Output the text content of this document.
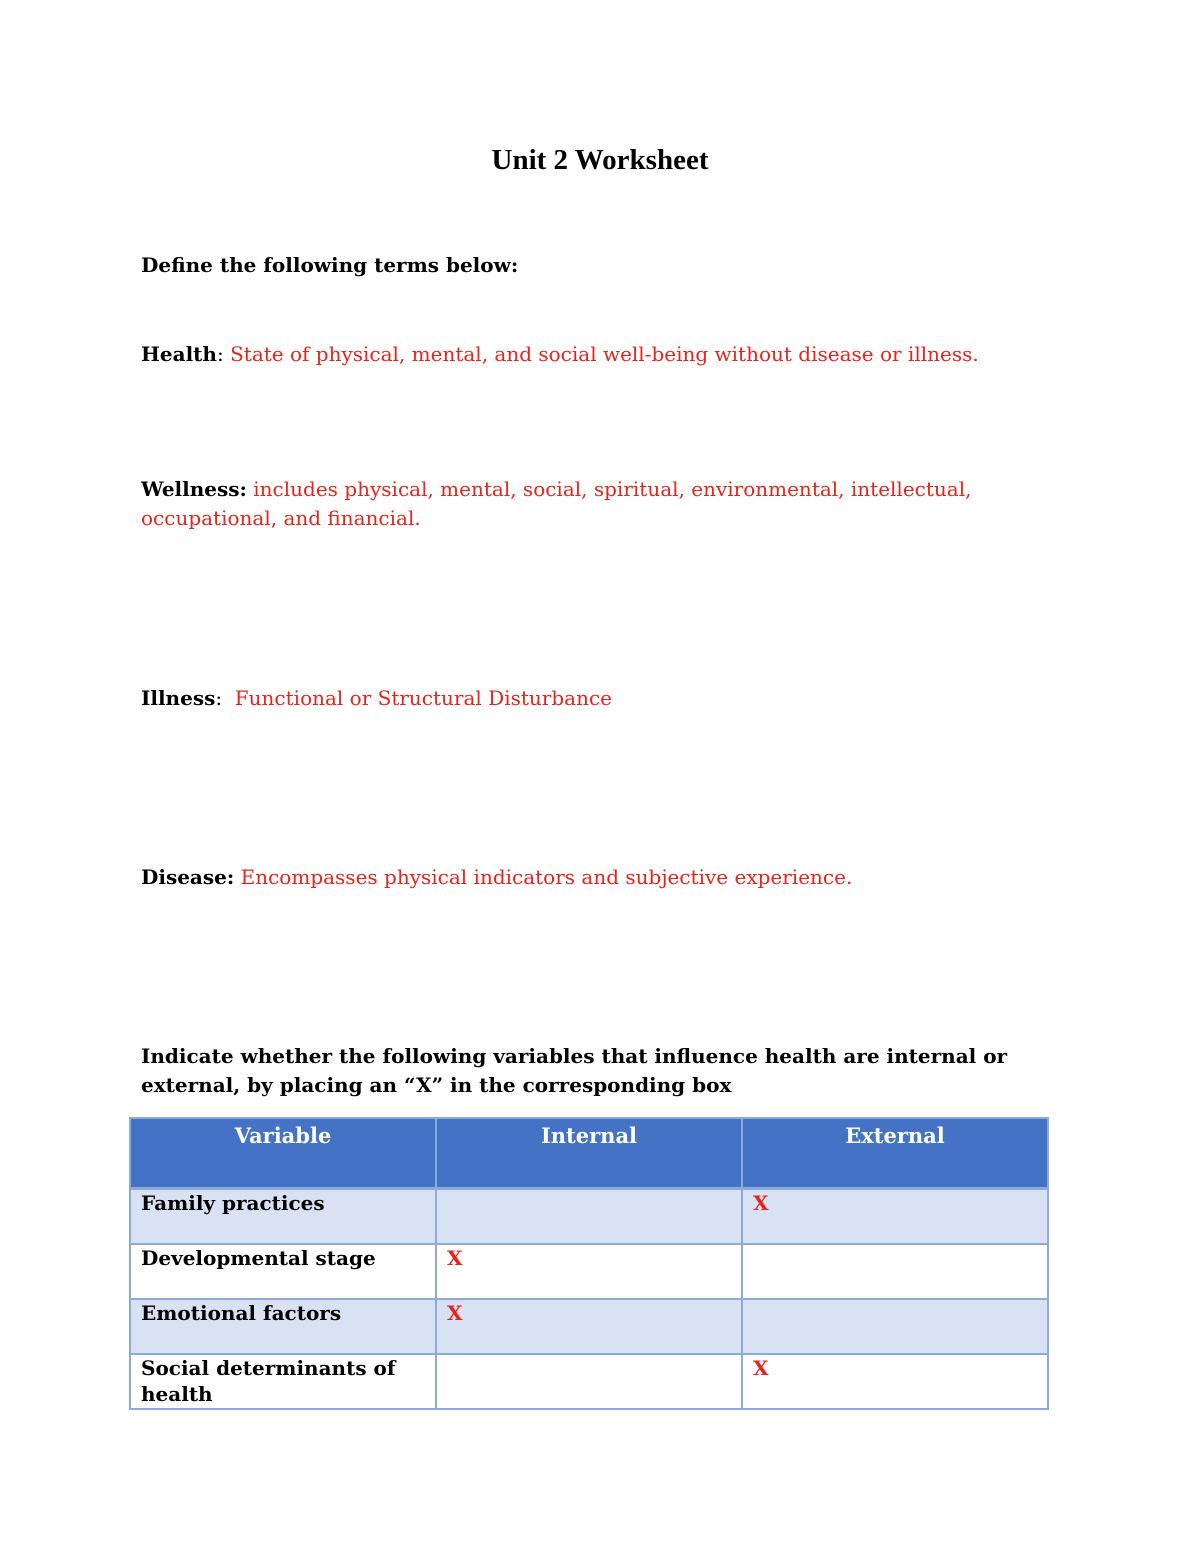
Unit 2 Worksheet
Define the following terms below:
Health: State of physical, mental, and social well-being without disease or illness.
Wellness: includes physical, mental, social, spiritual, environmental, intellectual, occupational, and financial.
Illness:  Functional or Structural Disturbance
Disease: Encompasses physical indicators and subjective experience.
Indicate whether the following variables that influence health are internal or external, by placing an “X” in the corresponding box
Variable	Internal	External
Family practices		X
Developmental stage	X	
Emotional factors	X	
Social determinants of health		X
